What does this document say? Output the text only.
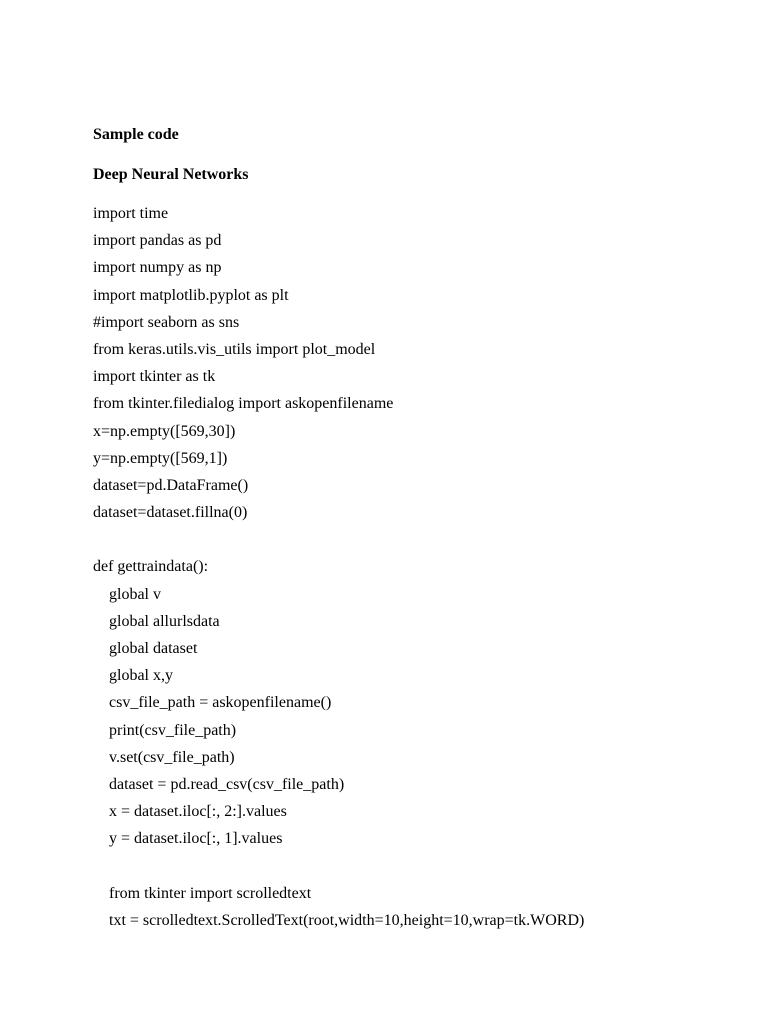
Sample code
Deep Neural Networks
import time
import pandas as pd
import numpy as np
import matplotlib.pyplot as plt
#import seaborn as sns
from keras.utils.vis_utils import plot_model
import tkinter as tk
from tkinter.filedialog import askopenfilename
x=np.empty([569,30])
y=np.empty([569,1])
dataset=pd.DataFrame()
dataset=dataset.fillna(0)
def gettraindata():
global v
global allurlsdata
global dataset
global x,y
csv_file_path = askopenfilename()
print(csv_file_path)
v.set(csv_file_path)
dataset = pd.read_csv(csv_file_path)
x = dataset.iloc[:, 2:].values
y = dataset.iloc[:, 1].values
from tkinter import scrolledtext
txt = scrolledtext.ScrolledText(root,width=10,height=10,wrap=tk.WORD)
